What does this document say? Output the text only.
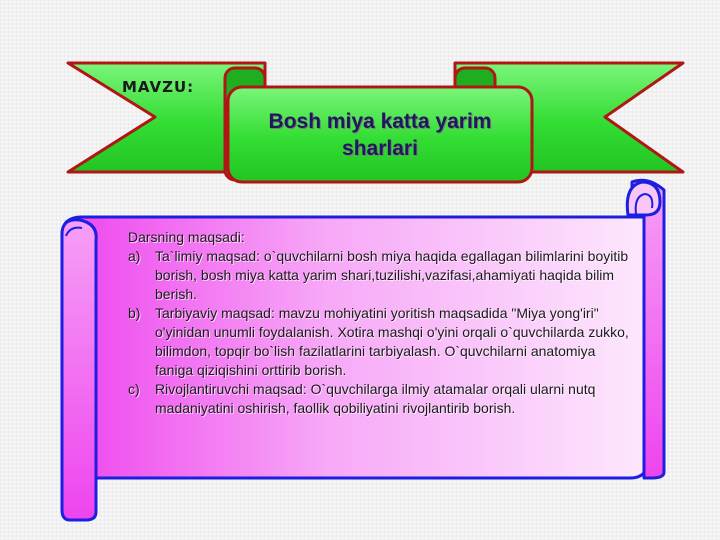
MAVZU:
Bosh miya katta yarim sharlari

Darsning maqsadi:

a) Ta`limiy maqsad: o`quvchilarni bosh miya haqida egallagan bilimlarini boyitib borish, bosh miya katta yarim shari,tuzilishi,vazifasi,ahamiyati haqida bilim berish.
b) Tarbiyaviy maqsad: mavzu mohiyatini yoritish maqsadida "Miya yong'iri" o'yinidan unumli foydalanish. Xotira mashqi o'yini orqali o`quvchilarda zukko, bilimdon, topqir bo`lish fazilatlarini tarbiyalash. O`quvchilarni anatomiya faniga qiziqishini orttirib borish.
c) Rivojlantiruvchi maqsad: O`quvchilarga ilmiy atamalar orqali ularni nutq madaniyatini oshirish, faollik qobiliyatini rivojlantirib borish.
